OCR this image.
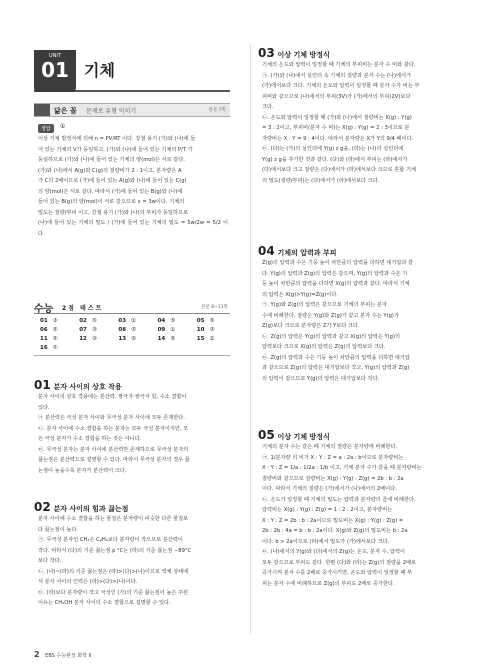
UNIT
01 기체
닮은 꼴 문제로 유형 익히기	본문 7쪽
정답	①

이상 기체 방정식에 의해 n = PV/RT 이다. 강철 용기 (가)와 (나)에 들

어 있는 기체의 V가 동일하고, (가)와 (나)에 들어 있는 기체의 P/T 가

동일하므로 (가)와 (나)에 들어 있는 기체의 양(mol)은 서로 같다.

(가)와 (나)에서 A(g)와 C(g)의 질량비가 2 : 1이고, 분자량은 A

가 C의 2배이므로 (가)에 들어 있는 A(g)와 (나)에 들어 있는 C(g)

의 양(mol)은 서로 같다. 따라서 (가)에 들어 있는 B(g)와 (나)에

들어 있는 B(g)의 양(mol)이 서로 같으므로 x = 3w이다. 기체의

밀도는 질량/부피 이고, 강철 용기 (가)와 (나)의 부피가 동일하므로

(나)에 들어 있는 기체의 밀도 / (가)에 들어 있는 기체의 밀도 = 5w/2w = 5/2 이다.

수능 2점 테스트	본문 8~11쪽
01 ③	02 ⑤	03 ①	04 ⑤	05 ⑤
06 ⑤	07 ③	08 ⑤	09 ①	10 ③
11 ⑤	12 ③	13 ⑤	14 ⑤	15 ②
16 ⑤
01 분자 사이의 상호 작용

분자 사이의 상호 작용에는 분산력, 쌍극자·쌍극자 힘, 수소 결합이

있다.

㉠ 분산력은 극성 분자 사이와 무극성 분자 사이에 모두 존재한다.

㉡. 분자 사이에 수소 결합을 하는 분자는 모두 극성 분자이지만, 모

든 극성 분자가 수소 결합을 하는 것은 아니다.

㉢. 무극성 분자는 분자 사이에 분산력만 존재하므로 무극성 분자의

끓는점은 분산력으로 설명할 수 있다. 따라서 무극성 분자의 경우 끓

는점이 높을수록 분자가 분산력이 크다.

02 분자 사이의 힘과 끓는점

분자 사이에 수소 결합을 하는 물질은 분자량이 비슷한 다른 물질보

다 끓는점이 높다.

㉠. 무극성 분자인 CH₄은 C₂H₆보다 분자량이 작으므로 분산력이

작다. 따라서 (다)의 기준 끓는점 p °C는 (라)의 기준 끓는점 −89°C

보다 작다.

㉡. (나)~(라)의 기준 끓는점은 (라)>(다)>(나)이므로 액체 상태에

서 분자 사이의 인력은 (라)>(다)>(나)이다.

㉢. (라)보다 분자량이 작고 극성인 (가)의 기준 끓는점이 높은 주된

이유는 CH₃OH 분자 사이의 수소 결합으로 설명할 수 있다.

03 이상 기체 방정식

기체의 온도와 압력이 일정할 때 기체의 부피비는 분자 수 비와 같다.

㉠. (가)와 (나)에서 실린더 속 기체의 질량과 분자 수는 (나)에서가

(가)에서보다 크다. 기체의 온도와 압력이 일정할 때 분자 수가 비는 부

피비와 같으므로 (나)에서의 부피(3V)가 (가)에서의 부피(2V)보다

크다.

㉡. 온도와 압력이 일정할 때 (가)와 (나)에서 질량비는 X(g) : Y(g)

= 3 : 2이고, 부피비(분자 수 비)는 X(g) : Y(g) = 2 : 3이므로 분

자량비는 X : Y = 9 : 4이다. 따라서 분자량은 X가 Y의 9/4 배이다.

㉢. (다)는 (가)의 실린더에 Y(g) z g을, (라)는 (나)의 실린더에

Y(g) z g을 추가한 것과 같다. (다)와 (라)에서 부피는 (라)에서가

(다)에서보다 크고 질량은 (다)에서가 (라)에서보다 크므로 혼합 기체

의 밀도(질량/부피)는 (다)에서가 (라)에서보다 크다.

04 기체의 압력과 부피

Z(g)의 압력과 수은 기둥 높이 차만큼의 압력을 더하면 대기압과 같

다. Y(g)의 압력과 Z(g)의 압력은 같으며, Y(g)의 압력과 수은 기

둥 높이 차만큼의 압력을 더하면 X(g)의 압력과 같다. 따라서 기체

의 압력은 X(g)>Y(g)=Z(g)이다.

㉠. Y(g)와 Z(g)의 압력은 같으므로 기체의 부피는 분자

수에 비례한다. 질량은 Y(g)와 Z(g)가 같고 분자 수는 Y(g)가

Z(g)보다 크므로 분자량은 Z가 Y보다 크다.

㉡. Z(g)의 압력은 Y(g)의 압력과 같고 X(g)의 압력은 Y(g)의

압력보다 크므로 X(g)의 압력은 Z(g)의 압력보다 크다.

㉢. Z(g)의 압력과 수은 기둥 높이 차만큼의 압력을 더하면 대기압

과 같으므로 Z(g)의 압력은 대기압보다 작고, Y(g)의 압력과 Z(g)

의 압력이 같으므로 Y(g)의 압력은 대기압보다 작다.

05 이상 기체 방정식

기체의 분자 수는 같은 때 기체의 질량은 분자량에 비례한다.

㉠. 1/분자량 의 비가 X : Y : Z = a : 2a : b이므로 분자량비는

X : Y : Z = 1/a : 1/2a : 1/b 이고, 기체 분자 수가 같을 때 분자량비는

질량비와 같으므로 질량비는 X(g) : Y(g) : Z(g) = 2b : b : 2a

이다. 따라서 기체의 질량은 (가)에서가 (나)에서의 2배이다.

㉡. 온도가 일정할 때 기체의 밀도는 압력과 분자량의 곱에 비례한다.

압력비는 X(g) : Y(g) : Z(g) = 1 : 2 : 2이고, 분자량비는

X : Y : Z = 2b : b : 2a이므로 밀도비는 X(g) : Y(g) : Z(g) =

2b : 2b : 4a = b : b : 2a이다. X(g)와 Z(g)의 밀도비는 b : 2a

이다. b > 2a이므로 (라)에서 밀도가 (가)에서보다 크다.

㉢. (나)에서의 Y(g)와 (다)에서의 Z(g)는 온도, 분자 수, 압력이

모두 같으므로 부피도 같다. 한편 (다)와 (라)는 Z(g)의 질량을 2배로

증가시켜 분자 수를 2배로 증가시키면, 온도와 압력이 일정할 때 부

피는 분자 수에 비례하므로 Z(g)의 부피도 2배로 증가한다.

2 EBS 수능완성 화학 Ⅱ
